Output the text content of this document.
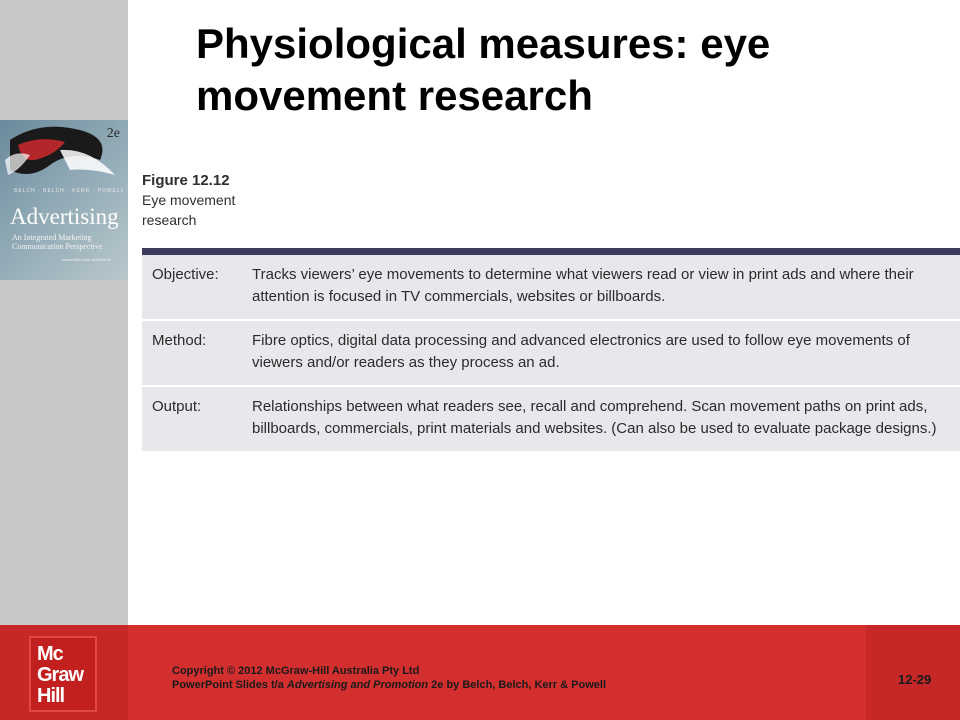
2e
BELCH · BELCH · KERR · POWELL
Advertising
An Integrated Marketing Communication Perspective
www.mhhe.com.au/belch2e
Physiological measures: eye movement research
Figure 12.12
Eye movement research
Objective:	Tracks viewers’ eye movements to determine what viewers read or view in print ads and where their attention is focused in TV commercials, websites or billboards.
Method:	Fibre optics, digital data processing and advanced electronics are used to follow eye movements of viewers and/or readers as they process an ad.
Output:	Relationships between what readers see, recall and comprehend. Scan movement paths on print ads, billboards, commercials, print materials and websites. (Can also be used to evaluate package designs.)
Mc
Graw
Hill
Copyright © 2012 McGraw-Hill Australia Pty Ltd
PowerPoint Slides t/a Advertising and Promotion 2e by Belch, Belch, Kerr & Powell	12-29
